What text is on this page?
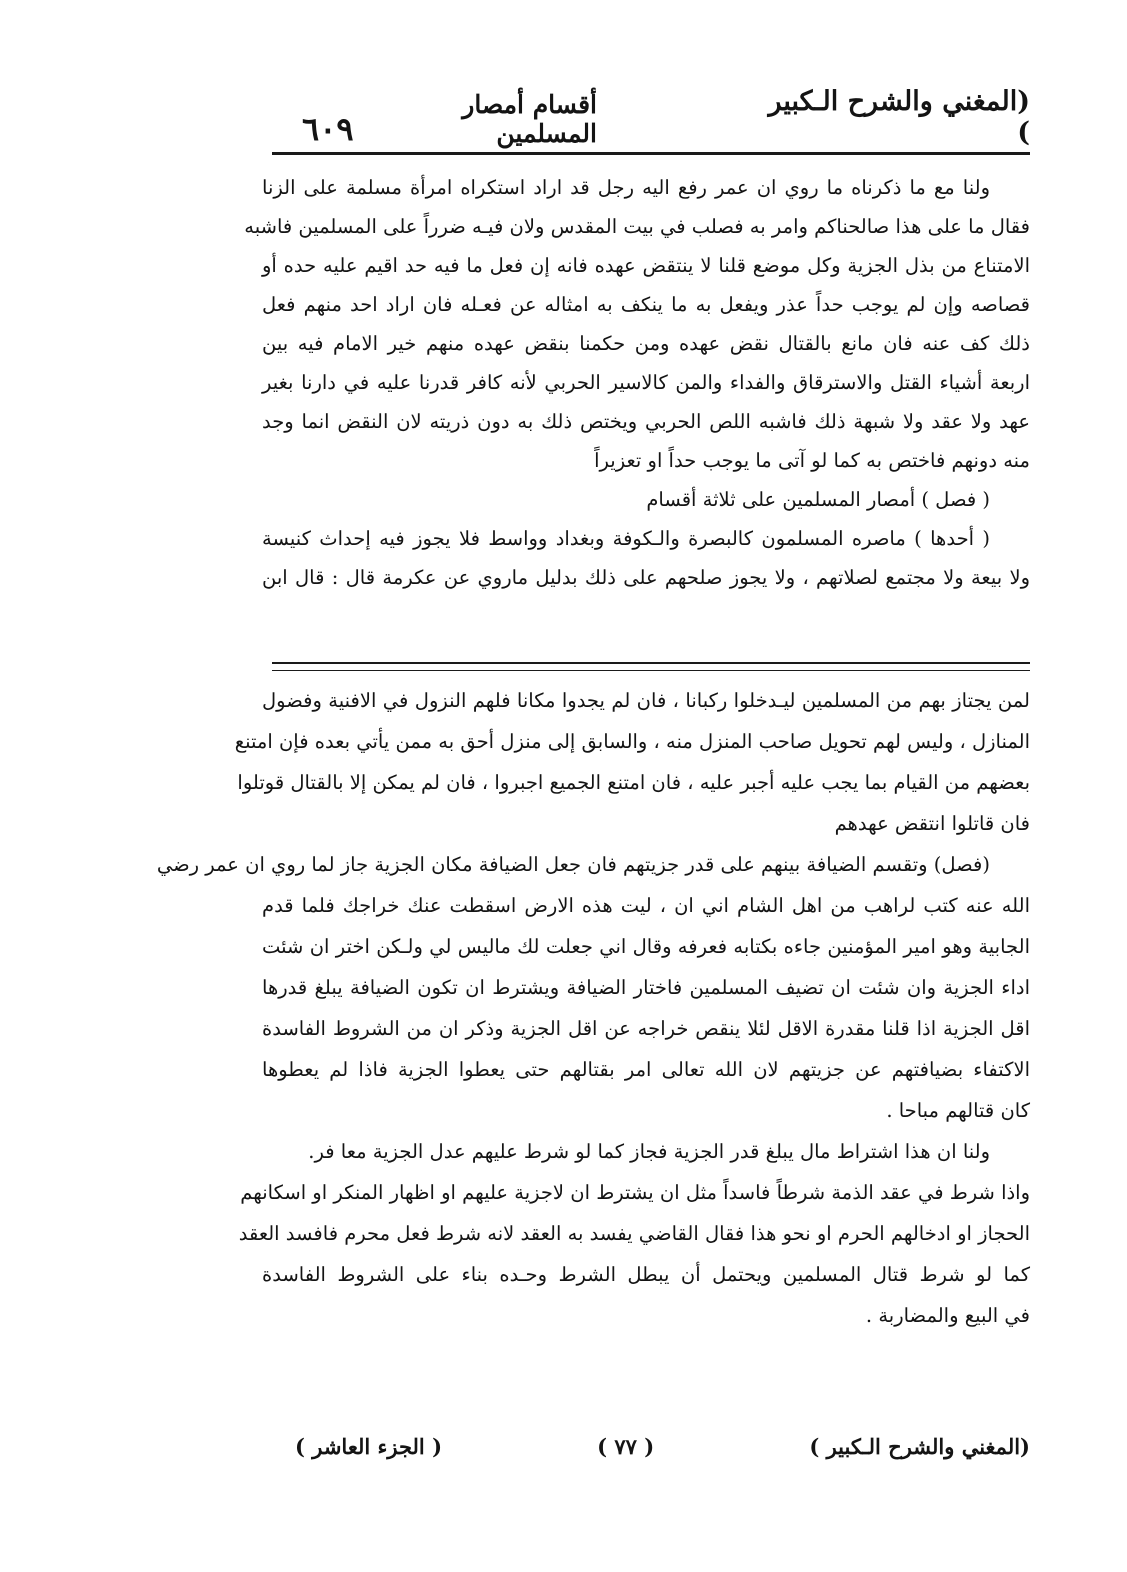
(المغني والشرح الـكبير )
أقسام أمصار المسلمين
٦٠٩
ولنا مع ما ذكرناه ما روي ان عمر رفع اليه رجل قد اراد استكراه امرأة مسلمة على الزنا
فقال ما على هذا صالحناكم وامر به فصلب في بيت المقدس ولان فيـه ضرراً على المسلمين فاشبه
الامتناع من بذل الجزية وكل موضع قلنا لا ينتقض عهده فانه إن فعل ما فيه حد اقيم عليه حده أو
قصاصه وإن لم يوجب حداً عذر ويفعل به ما ينكف به امثاله عن فعـله فان اراد احد منهم فعل
ذلك كف عنه فان مانع بالقتال نقض عهده ومن حكمنا بنقض عهده منهم خير الامام فيه بين
اربعة أشياء القتل والاسترقاق والفداء والمن كالاسير الحربي لأنه كافر قدرنا عليه في دارنا بغير
عهد ولا عقد ولا شبهة ذلك فاشبه اللص الحربي ويختص ذلك به دون ذريته لان النقض انما وجد
منه دونهم فاختص به كما لو آتى ما يوجب حداً او تعزيراً
( فصل ) أمصار المسلمين على ثلاثة أقسام
( أحدها ) ماصره المسلمون كالبصرة والـكوفة وبغداد وواسط فلا يجوز فيه إحداث كنيسة
ولا بيعة ولا مجتمع لصلاتهم ، ولا يجوز صلحهم على ذلك بدليل ماروي عن عكرمة قال : قال ابن
لمن يجتاز بهم من المسلمين ليـدخلوا ركبانا ، فان لم يجدوا مكانا فلهم النزول في الافنية وفضول
المنازل ، وليس لهم تحويل صاحب المنزل منه ، والسابق إلى منزل أحق به ممن يأتي بعده فإن امتنع
بعضهم من القيام بما يجب عليه أجبر عليه ، فان امتنع الجميع اجبروا ، فان لم يمكن إلا بالقتال قوتلوا
فان قاتلوا انتقض عهدهم
(فصل) وتقسم الضيافة بينهم على قدر جزيتهم فان جعل الضيافة مكان الجزية جاز لما روي ان عمر رضي
الله عنه كتب لراهب من اهل الشام اني ان ، ليت هذه الارض اسقطت عنك خراجك فلما قدم
الجابية وهو امير المؤمنين جاءه بكتابه فعرفه وقال اني جعلت لك ماليس لي ولـكن اختر ان شئت
اداء الجزية وان شئت ان تضيف المسلمين فاختار الضيافة ويشترط ان تكون الضيافة يبلغ قدرها
اقل الجزية اذا قلنا مقدرة الاقل لئلا ينقص خراجه عن اقل الجزية وذكر ان من الشروط الفاسدة
الاكتفاء بضيافتهم عن جزيتهم لان الله تعالى امر بقتالهم حتى يعطوا الجزية فاذا لم يعطوها
كان قتالهم مباحا .
ولنا ان هذا اشتراط مال يبلغ قدر الجزية فجاز كما لو شرط عليهم عدل الجزية معا فر.
واذا شرط في عقد الذمة شرطاً فاسداً مثل ان يشترط ان لاجزية عليهم او اظهار المنكر او اسكانهم
الحجاز او ادخالهم الحرم او نحو هذا فقال القاضي يفسد به العقد لانه شرط فعل محرم فافسد العقد
كما لو شرط قتال المسلمين ويحتمل أن يبطل الشرط وحـده بناء على الشروط الفاسدة
في البيع والمضاربة .
(المغني والشرح الـكبير )
( ٧٧ )
( الجزء العاشر )
